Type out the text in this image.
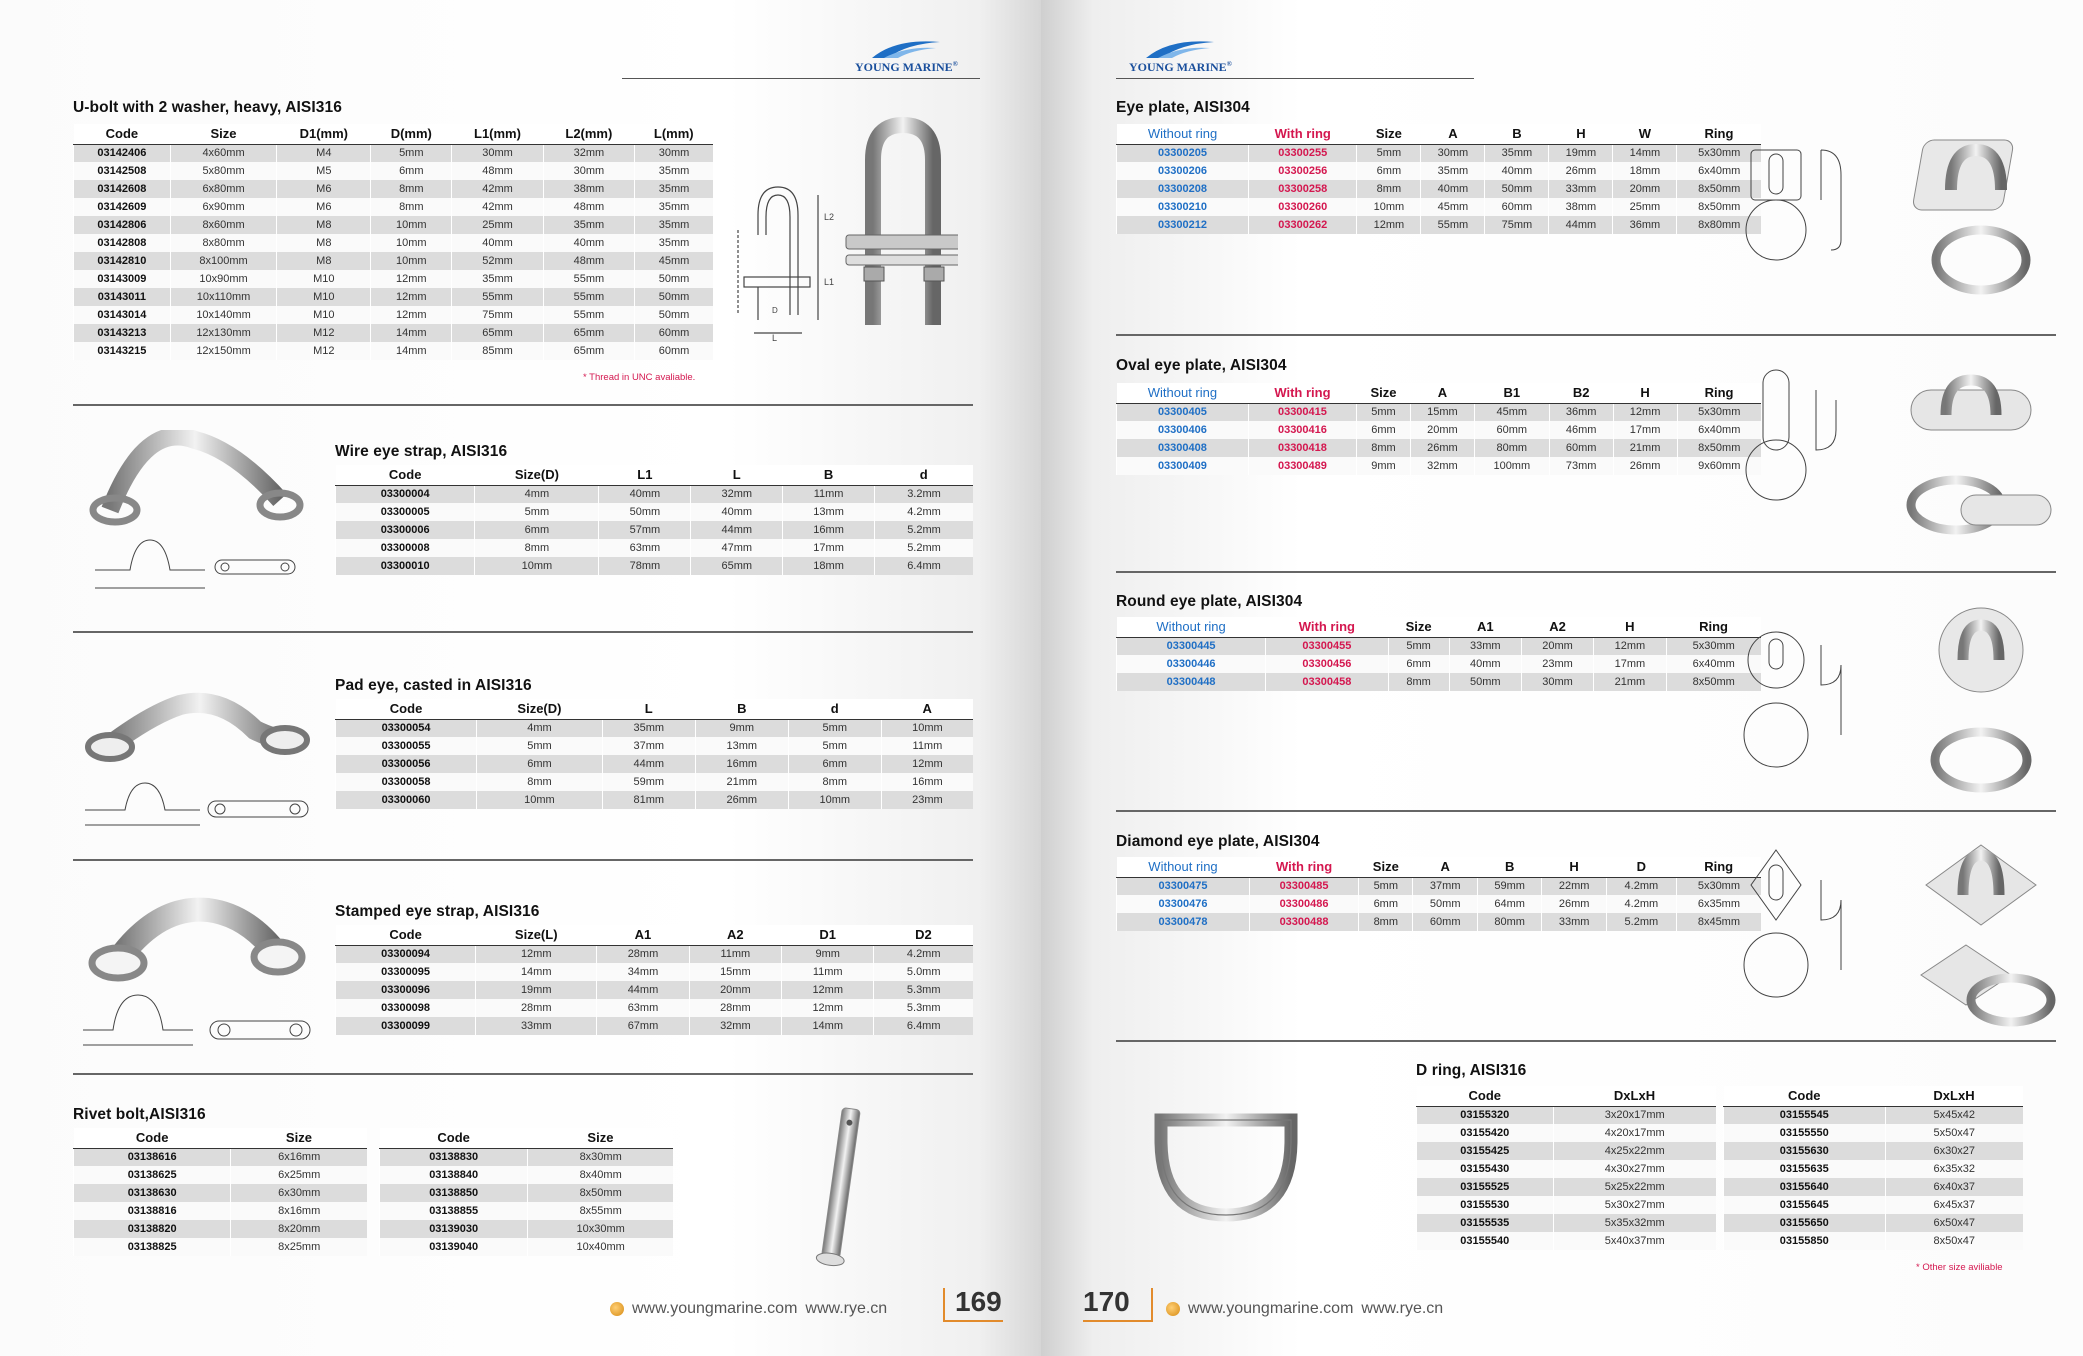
YOUNG MARINE®
U-bolt with 2 washer, heavy, AISI316
Code	Size	D1(mm)	D(mm)	L1(mm)	L2(mm)	L(mm)
03142406	4x60mm	M4	5mm	30mm	32mm	30mm
03142508	5x80mm	M5	6mm	48mm	30mm	35mm
03142608	6x80mm	M6	8mm	42mm	38mm	35mm
03142609	6x90mm	M6	8mm	42mm	48mm	35mm
03142806	8x60mm	M8	10mm	25mm	35mm	35mm
03142808	8x80mm	M8	10mm	40mm	40mm	35mm
03142810	8x100mm	M8	10mm	52mm	48mm	45mm
03143009	10x90mm	M10	12mm	35mm	55mm	50mm
03143011	10x110mm	M10	12mm	55mm	55mm	50mm
03143014	10x140mm	M10	12mm	75mm	55mm	50mm
03143213	12x130mm	M12	14mm	65mm	65mm	60mm
03143215	12x150mm	M12	14mm	85mm	65mm	60mm
* Thread in UNC avaliable.
L2
L1
D
L
Wire eye strap, AISI316
Code	Size(D)	L1	L	B	d
03300004	4mm	40mm	32mm	11mm	3.2mm
03300005	5mm	50mm	40mm	13mm	4.2mm
03300006	6mm	57mm	44mm	16mm	5.2mm
03300008	8mm	63mm	47mm	17mm	5.2mm
03300010	10mm	78mm	65mm	18mm	6.4mm
Pad eye, casted in AISI316
Code	Size(D)	L	B	d	A
03300054	4mm	35mm	9mm	5mm	10mm
03300055	5mm	37mm	13mm	5mm	11mm
03300056	6mm	44mm	16mm	6mm	12mm
03300058	8mm	59mm	21mm	8mm	16mm
03300060	10mm	81mm	26mm	10mm	23mm
Stamped eye strap, AISI316
Code	Size(L)	A1	A2	D1	D2
03300094	12mm	28mm	11mm	9mm	4.2mm
03300095	14mm	34mm	15mm	11mm	5.0mm
03300096	19mm	44mm	20mm	12mm	5.3mm
03300098	28mm	63mm	28mm	12mm	5.3mm
03300099	33mm	67mm	32mm	14mm	6.4mm
Rivet bolt,AISI316
Code	Size
03138616	6x16mm
03138625	6x25mm
03138630	6x30mm
03138816	8x16mm
03138820	8x20mm
03138825	8x25mm
Code	Size
03138830	8x30mm
03138840	8x40mm
03138850	8x50mm
03138855	8x55mm
03139030	10x30mm
03139040	10x40mm
www.youngmarine.com www.rye.cn 169
YOUNG MARINE®
Eye plate, AISI304
Without ring	With ring	Size	A	B	H	W	Ring
03300205	03300255	5mm	30mm	35mm	19mm	14mm	5x30mm
03300206	03300256	6mm	35mm	40mm	26mm	18mm	6x40mm
03300208	03300258	8mm	40mm	50mm	33mm	20mm	8x50mm
03300210	03300260	10mm	45mm	60mm	38mm	25mm	8x50mm
03300212	03300262	12mm	55mm	75mm	44mm	36mm	8x80mm
Oval eye plate, AISI304
Without ring	With ring	Size	A	B1	B2	H	Ring
03300405	03300415	5mm	15mm	45mm	36mm	12mm	5x30mm
03300406	03300416	6mm	20mm	60mm	46mm	17mm	6x40mm
03300408	03300418	8mm	26mm	80mm	60mm	21mm	8x50mm
03300409	03300489	9mm	32mm	100mm	73mm	26mm	9x60mm
Round eye plate, AISI304
Without ring	With ring	Size	A1	A2	H	Ring
03300445	03300455	5mm	33mm	20mm	12mm	5x30mm
03300446	03300456	6mm	40mm	23mm	17mm	6x40mm
03300448	03300458	8mm	50mm	30mm	21mm	8x50mm
Diamond eye plate, AISI304
Without ring	With ring	Size	A	B	H	D	Ring
03300475	03300485	5mm	37mm	59mm	22mm	4.2mm	5x30mm
03300476	03300486	6mm	50mm	64mm	26mm	4.2mm	6x35mm
03300478	03300488	8mm	60mm	80mm	33mm	5.2mm	8x45mm
D ring, AISI316
Code	DxLxH
03155320	3x20x17mm
03155420	4x20x17mm
03155425	4x25x22mm
03155430	4x30x27mm
03155525	5x25x22mm
03155530	5x30x27mm
03155535	5x35x32mm
03155540	5x40x37mm
Code	DxLxH
03155545	5x45x42
03155550	5x50x47
03155630	6x30x27
03155635	6x35x32
03155640	6x40x37
03155645	6x45x37
03155650	6x50x47
03155850	8x50x47
* Other size aviliable
170	www.youngmarine.com www.rye.cn
